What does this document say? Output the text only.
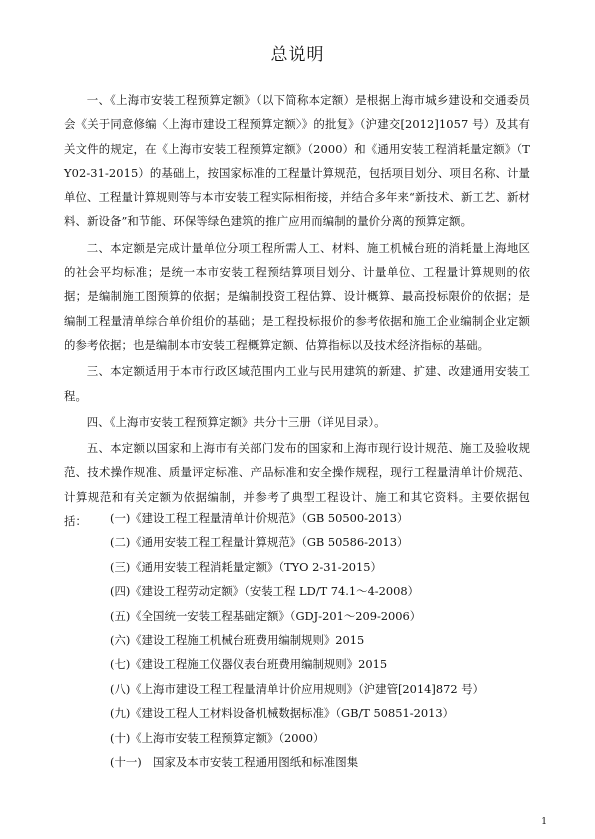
总说明

一、《上海市安装工程预算定额》（以下简称本定额）是根据上海市城乡建设和交通委员会《关于同意修编〈上海市建设工程预算定额〉》的批复》（沪建交[2012]1057 号）及其有关文件的规定，在《上海市安装工程预算定额》（2000）和《通用安装工程消耗量定额》（TY02-31-2015）的基础上，按国家标准的工程量计算规范，包括项目划分、项目名称、计量单位、工程量计算规则等与本市安装工程实际相衔接，并结合多年来“新技术、新工艺、新材料、新设备”和节能、环保等绿色建筑的推广应用而编制的量价分离的预算定额。

二、本定额是完成计量单位分项工程所需人工、材料、施工机械台班的消耗量上海地区的社会平均标准；是统一本市安装工程预结算项目划分、计量单位、工程量计算规则的依据；是编制施工图预算的依据；是编制投资工程估算、设计概算、最高投标限价的依据；是编制工程量清单综合单价组价的基础；是工程投标报价的参考依据和施工企业编制企业定额的参考依据；也是编制本市安装工程概算定额、估算指标以及技术经济指标的基础。

三、本定额适用于本市行政区域范围内工业与民用建筑的新建、扩建、改建通用安装工程。

四、《上海市安装工程预算定额》共分十三册（详见目录）。

五、本定额以国家和上海市有关部门发布的国家和上海市现行设计规范、施工及验收规范、技术操作规准、质量评定标准、产品标准和安全操作规程，现行工程量清单计价规范、计算规范和有关定额为依据编制，并参考了典型工程设计、施工和其它资料。主要依据包括：	(一)《建设工程工程量清单计价规范》（GB 50500-2013）
(二)《通用安装工程工程量计算规范》（GB 50586-2013）
(三)《通用安装工程消耗量定额》（TYO 2-31-2015）
(四)《建设工程劳动定额》（安装工程 LD/T 74.1～4-2008）
(五)《全国统一安装工程基础定额》（GDJ-201～209-2006）
(六)《建设工程施工机械台班费用编制规则》2015
(七)《建设工程施工仪器仪表台班费用编制规则》2015
(八)《上海市建设工程工程量清单计价应用规则》（沪建管[2014]872 号）
(九)《建设工程人工材料设备机械数据标准》（GB/T 50851-2013）
(十)《上海市安装工程预算定额》（2000）
(十一)　国家及本市安装工程通用图纸和标准图集
1
